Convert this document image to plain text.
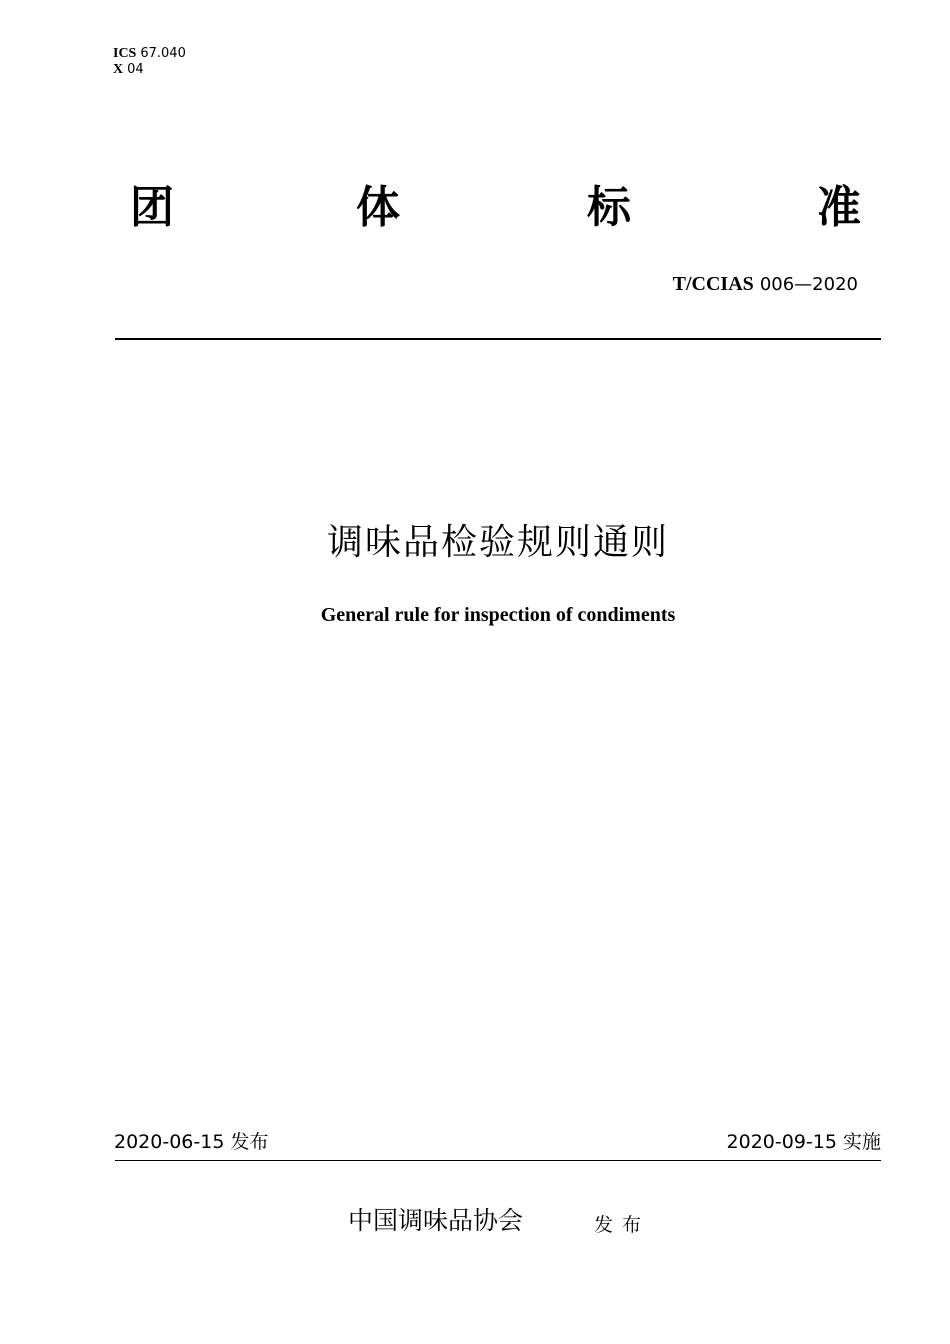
ICS 67.040
X 04
团	体	标	准
T/CCIAS 006—2020
调味品检验规则通则
General rule for inspection of condiments
2020-06-15 发布	2020-09-15 实施
中国调味品协会	发布
